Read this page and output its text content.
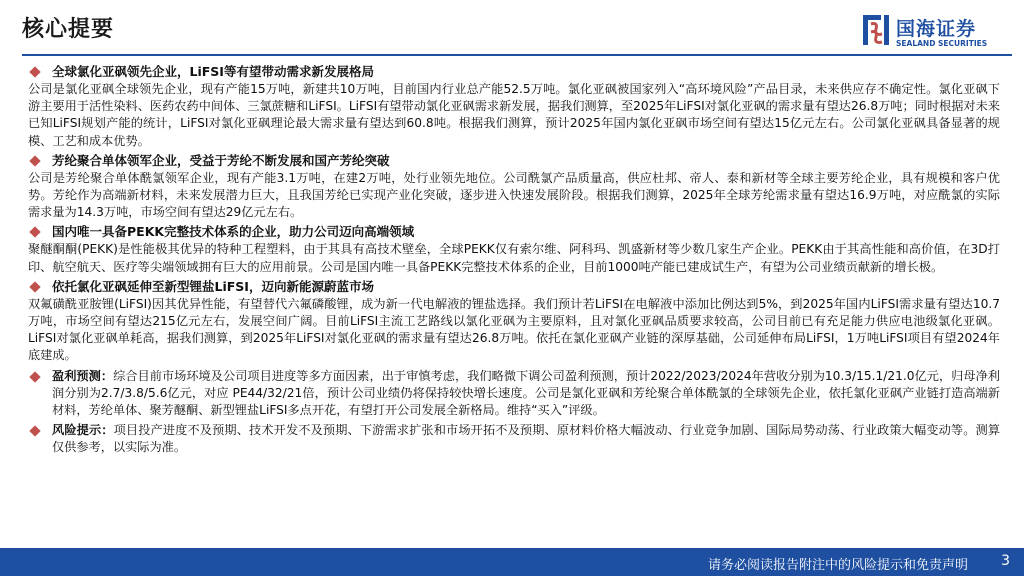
核心提要	国海证券
SEALAND SECURITIES
全球氯化亚砜领先企业，LiFSI等有望带动需求新发展格局

公司是氯化亚砜全球领先企业，现有产能15万吨，新建共10万吨，目前国内行业总产能52.5万吨。氯化亚砜被国家列入“高环境风险”产品目录，未来供应存不确定性。氯化亚砜下游主要用于活性染料、医药农药中间体、三氯蔗糖和LiFSI。LiFSI有望带动氯化亚砜需求新发展，据我们测算，至2025年LiFSI对氯化亚砜的需求量有望达26.8万吨；同时根据对未来已知LiFSI规划产能的统计，LiFSI对氯化亚砜理论最大需求量有望达到60.8吨。根据我们测算，预计2025年国内氯化亚砜市场空间有望达15亿元左右。公司氯化亚砜具备显著的规模、工艺和成本优势。

芳纶聚合单体领军企业，受益于芳纶不断发展和国产芳纶突破

公司是芳纶聚合单体酰氯领军企业，现有产能3.1万吨，在建2万吨，处行业领先地位。公司酰氯产品质量高，供应杜邦、帝人、泰和新材等全球主要芳纶企业，具有规模和客户优势。芳纶作为高端新材料，未来发展潜力巨大，且我国芳纶已实现产业化突破，逐步进入快速发展阶段。根据我们测算，2025年全球芳纶需求量有望达16.9万吨，对应酰氯的实际需求量为14.3万吨，市场空间有望达29亿元左右。

国内唯一具备PEKK完整技术体系的企业，助力公司迈向高端领域

聚醚酮酮(PEKK)是性能极其优异的特种工程塑料，由于其具有高技术壁垒，全球PEKK仅有索尔维、阿科玛、凯盛新材等少数几家生产企业。PEKK由于其高性能和高价值，在3D打印、航空航天、医疗等尖端领域拥有巨大的应用前景。公司是国内唯一具备PEKK完整技术体系的企业，目前1000吨产能已建成试生产，有望为公司业绩贡献新的增长极。

依托氯化亚砜延伸至新型锂盐LiFSI，迈向新能源蔚蓝市场

双氟磺酰亚胺锂(LiFSI)因其优异性能，有望替代六氟磷酸锂，成为新一代电解液的锂盐选择。我们预计若LiFSI在电解液中添加比例达到5%，到2025年国内LiFSI需求量有望达10.7万吨，市场空间有望达215亿元左右，发展空间广阔。目前LiFSI主流工艺路线以氯化亚砜为主要原料，且对氯化亚砜品质要求较高，公司目前已有充足能力供应电池级氯化亚砜。LiFSI对氯化亚砜单耗高，据我们测算，到2025年LiFSI对氯化亚砜的需求量有望达26.8万吨。依托在氯化亚砜产业链的深厚基础，公司延伸布局LiFSI，1万吨LiFSI项目有望2024年底建成。

盈利预测：综合目前市场环境及公司项目进度等多方面因素，出于审慎考虑，我们略微下调公司盈利预测，预计2022/2023/2024年营收分别为10.3/15.1/21.0亿元，归母净利润分别为2.7/3.8/5.6亿元，对应 PE44/32/21倍，预计公司业绩仍将保持较快增长速度。公司是氯化亚砜和芳纶聚合单体酰氯的全球领先企业，依托氯化亚砜产业链打造高端新材料，芳纶单体、聚芳醚酮、新型锂盐LiFSI多点开花，有望打开公司发展全新格局。维持“买入”评级。
风险提示：项目投产进度不及预期、技术开发不及预期、下游需求扩张和市场开拓不及预期、原材料价格大幅波动、行业竞争加剧、国际局势动荡、行业政策大幅变动等。测算仅供参考，以实际为准。
请务必阅读报告附注中的风险提示和免责声明 3
